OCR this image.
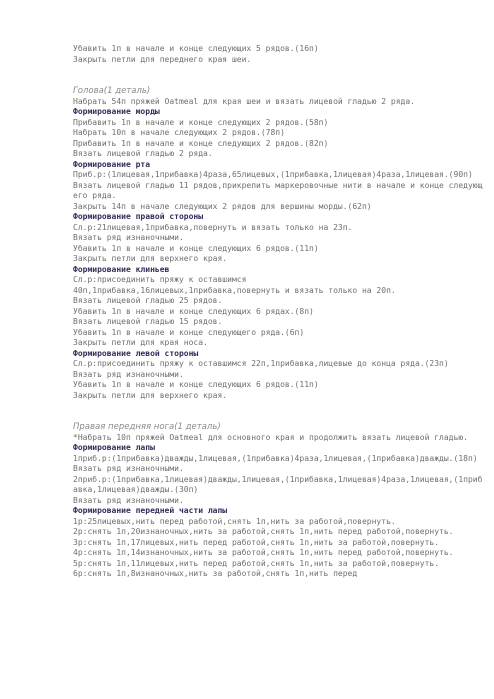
Убавить 1п в начале и конце следующих 5 рядов.(16п)
Закрыть петли для переднего края шеи.
Голова(1 деталь)
Набрать 54п пряжей Oatmeal для края шеи и вязать лицевой гладью 2 ряда.
Формирование морды
Прибавить 1п в начале и конце следующих 2 рядов.(58п)
Набрать 10п в начале следующих 2 рядов.(78п)
Прибавить 1п в начале и конце следующих 2 рядов.(82п)
Вязать лицевой гладью 2 ряда.
Формирование рта
Приб.р:(1лицевая,1прибавка)4раза,65лицевых,(1прибавка,1лицевая)4раза,1лицевая.(90п)
Вязать лицевой гладью 11 рядов,прикрепить маркеровочные нити в начале и конце следующего ряда.
Закрыть 14п в начале следующих 2 рядов для вершины морды.(62п)
Формирование правой стороны
Сл.р:21лицевая,1прибавка,повернуть и вязать только на 23п.
Вязать ряд изнаночными.
Убавить 1п в начале и конце следующих 6 рядов.(11п)
Закрыть петли для верхнего края.
Формирование клиньев
Сл.р:присоединить пряжу к оставшимся
40п,1прибавка,16лицевых,1прибавка,повернуть и вязать только на 20п.
Вязать лицевой гладью 25 рядов.
Убавить 1п в начале и конце следующих 6 рядах.(8п)
Вязать лицевой гладью 15 рядов.
Убавить 1п в начале и конце следующего ряда.(6п)
Закрыть петли для края носа.
Формирование левой стороны
Сл.р:присоединить пряжу к оставшимся 22п,1прибавка,лицевые до конца ряда.(23п)
Вязать ряд изнаночными.
Убавить 1п в начале и конце следующих 6 рядов.(11п)
Закрыть петли для верхнего края.
Правая передняя нога(1 деталь)
*Набрать 10п пряжей Oatmeal для основного края и продолжить вязать лицевой гладью.
Формирование лапы
1приб.р:(1прибавка)дважды,1лицевая,(1прибавка)4раза,1лицевая,(1прибавка)дважды.(18п)
Вязать ряд изнаночными.
2приб.р:(1прибавка,1лицевая)дважды,1лицевая,(1прибавка,1лицевая)4раза,1лицевая,(1прибавка,1лицевая)дважды.(30п)
Вязать ряд изнаночными.
Формирование передней части лапы
1р:25лицевых,нить перед работой,снять 1п,нить за работой,повернуть.
2р:снять 1п,20изнаночных,нить за работой,снять 1п,нить перед работой,повернуть.
3р:снять 1п,17лицевых,нить перед работой,снять 1п,нить за работой,повернуть.
4р:снять 1п,14изнаночных,нить за работой,снять 1п,нить перед работой,повернуть.
5р:снять 1п,11лицевых,нить перед работой,снять 1п,нить за работой,повернуть.
6р:снять 1п,8изнаночных,нить за работой,снять 1п,нить перед
